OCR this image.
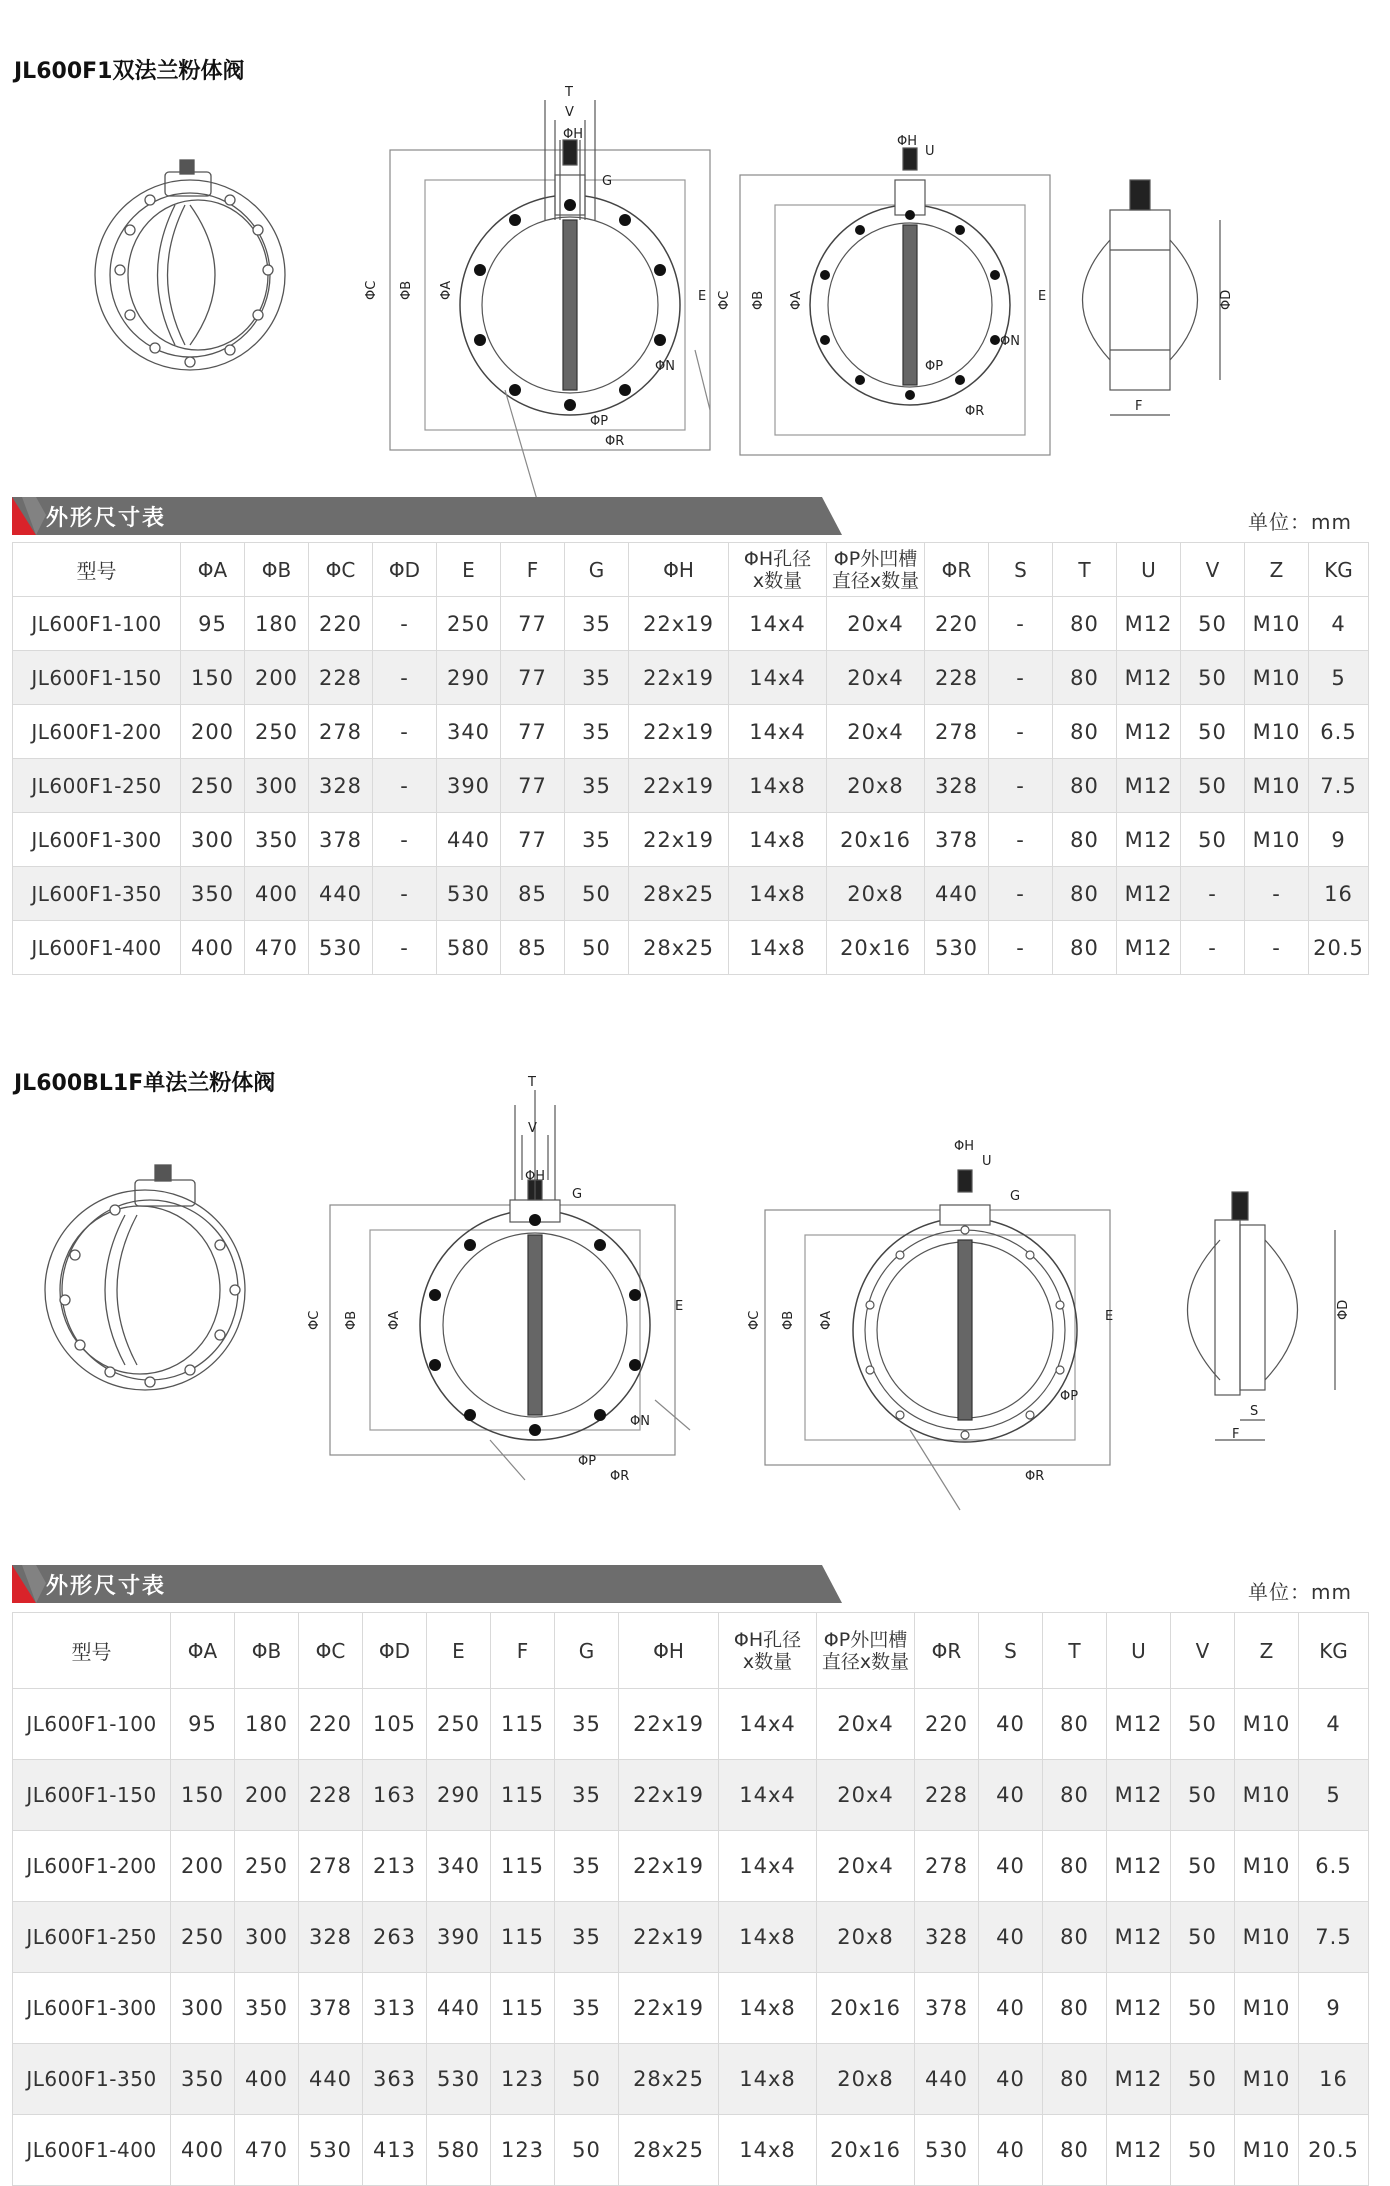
JL600F1双法兰粉体阀
T
V
ΦH
G
ΦC ΦB ΦA	E
ΦN
ΦP
ΦR
ΦH
U
ΦC ΦB ΦA	E
ΦN
ΦP
ΦR
ΦD
F
外形尺寸表	单位：mm
型号	ΦA	ΦB	ΦC	ΦD	E	F	G	ΦH	ΦH孔径
x数量	ΦP外凹槽
直径x数量	ΦR	S	T	U	V	Z	KG
JL600F1-100	95	180	220	-	250	77	35	22x19	14x4	20x4	220	-	80	M12	50	M10	4
JL600F1-150	150	200	228	-	290	77	35	22x19	14x4	20x4	228	-	80	M12	50	M10	5
JL600F1-200	200	250	278	-	340	77	35	22x19	14x4	20x4	278	-	80	M12	50	M10	6.5
JL600F1-250	250	300	328	-	390	77	35	22x19	14x8	20x8	328	-	80	M12	50	M10	7.5
JL600F1-300	300	350	378	-	440	77	35	22x19	14x8	20x16	378	-	80	M12	50	M10	9
JL600F1-350	350	400	440	-	530	85	50	28x25	14x8	20x8	440	-	80	M12	-	-	16
JL600F1-400	400	470	530	-	580	85	50	28x25	14x8	20x16	530	-	80	M12	-	-	20.5
JL600BL1F单法兰粉体阀	T
V
ΦH
G
ΦC ΦB ΦA
E
ΦN
ΦP
ΦR
ΦH
U
G
ΦC ΦB ΦA	E
ΦP
ΦR
ΦD
S
F
外形尺寸表	单位：mm
型号	ΦA	ΦB	ΦC	ΦD	E	F	G	ΦH	ΦH孔径
x数量	ΦP外凹槽
直径x数量	ΦR	S	T	U	V	Z	KG
JL600F1-100	95	180	220	105	250	115	35	22x19	14x4	20x4	220	40	80	M12	50	M10	4
JL600F1-150	150	200	228	163	290	115	35	22x19	14x4	20x4	228	40	80	M12	50	M10	5
JL600F1-200	200	250	278	213	340	115	35	22x19	14x4	20x4	278	40	80	M12	50	M10	6.5
JL600F1-250	250	300	328	263	390	115	35	22x19	14x8	20x8	328	40	80	M12	50	M10	7.5
JL600F1-300	300	350	378	313	440	115	35	22x19	14x8	20x16	378	40	80	M12	50	M10	9
JL600F1-350	350	400	440	363	530	123	50	28x25	14x8	20x8	440	40	80	M12	50	M10	16
JL600F1-400	400	470	530	413	580	123	50	28x25	14x8	20x16	530	40	80	M12	50	M10	20.5
